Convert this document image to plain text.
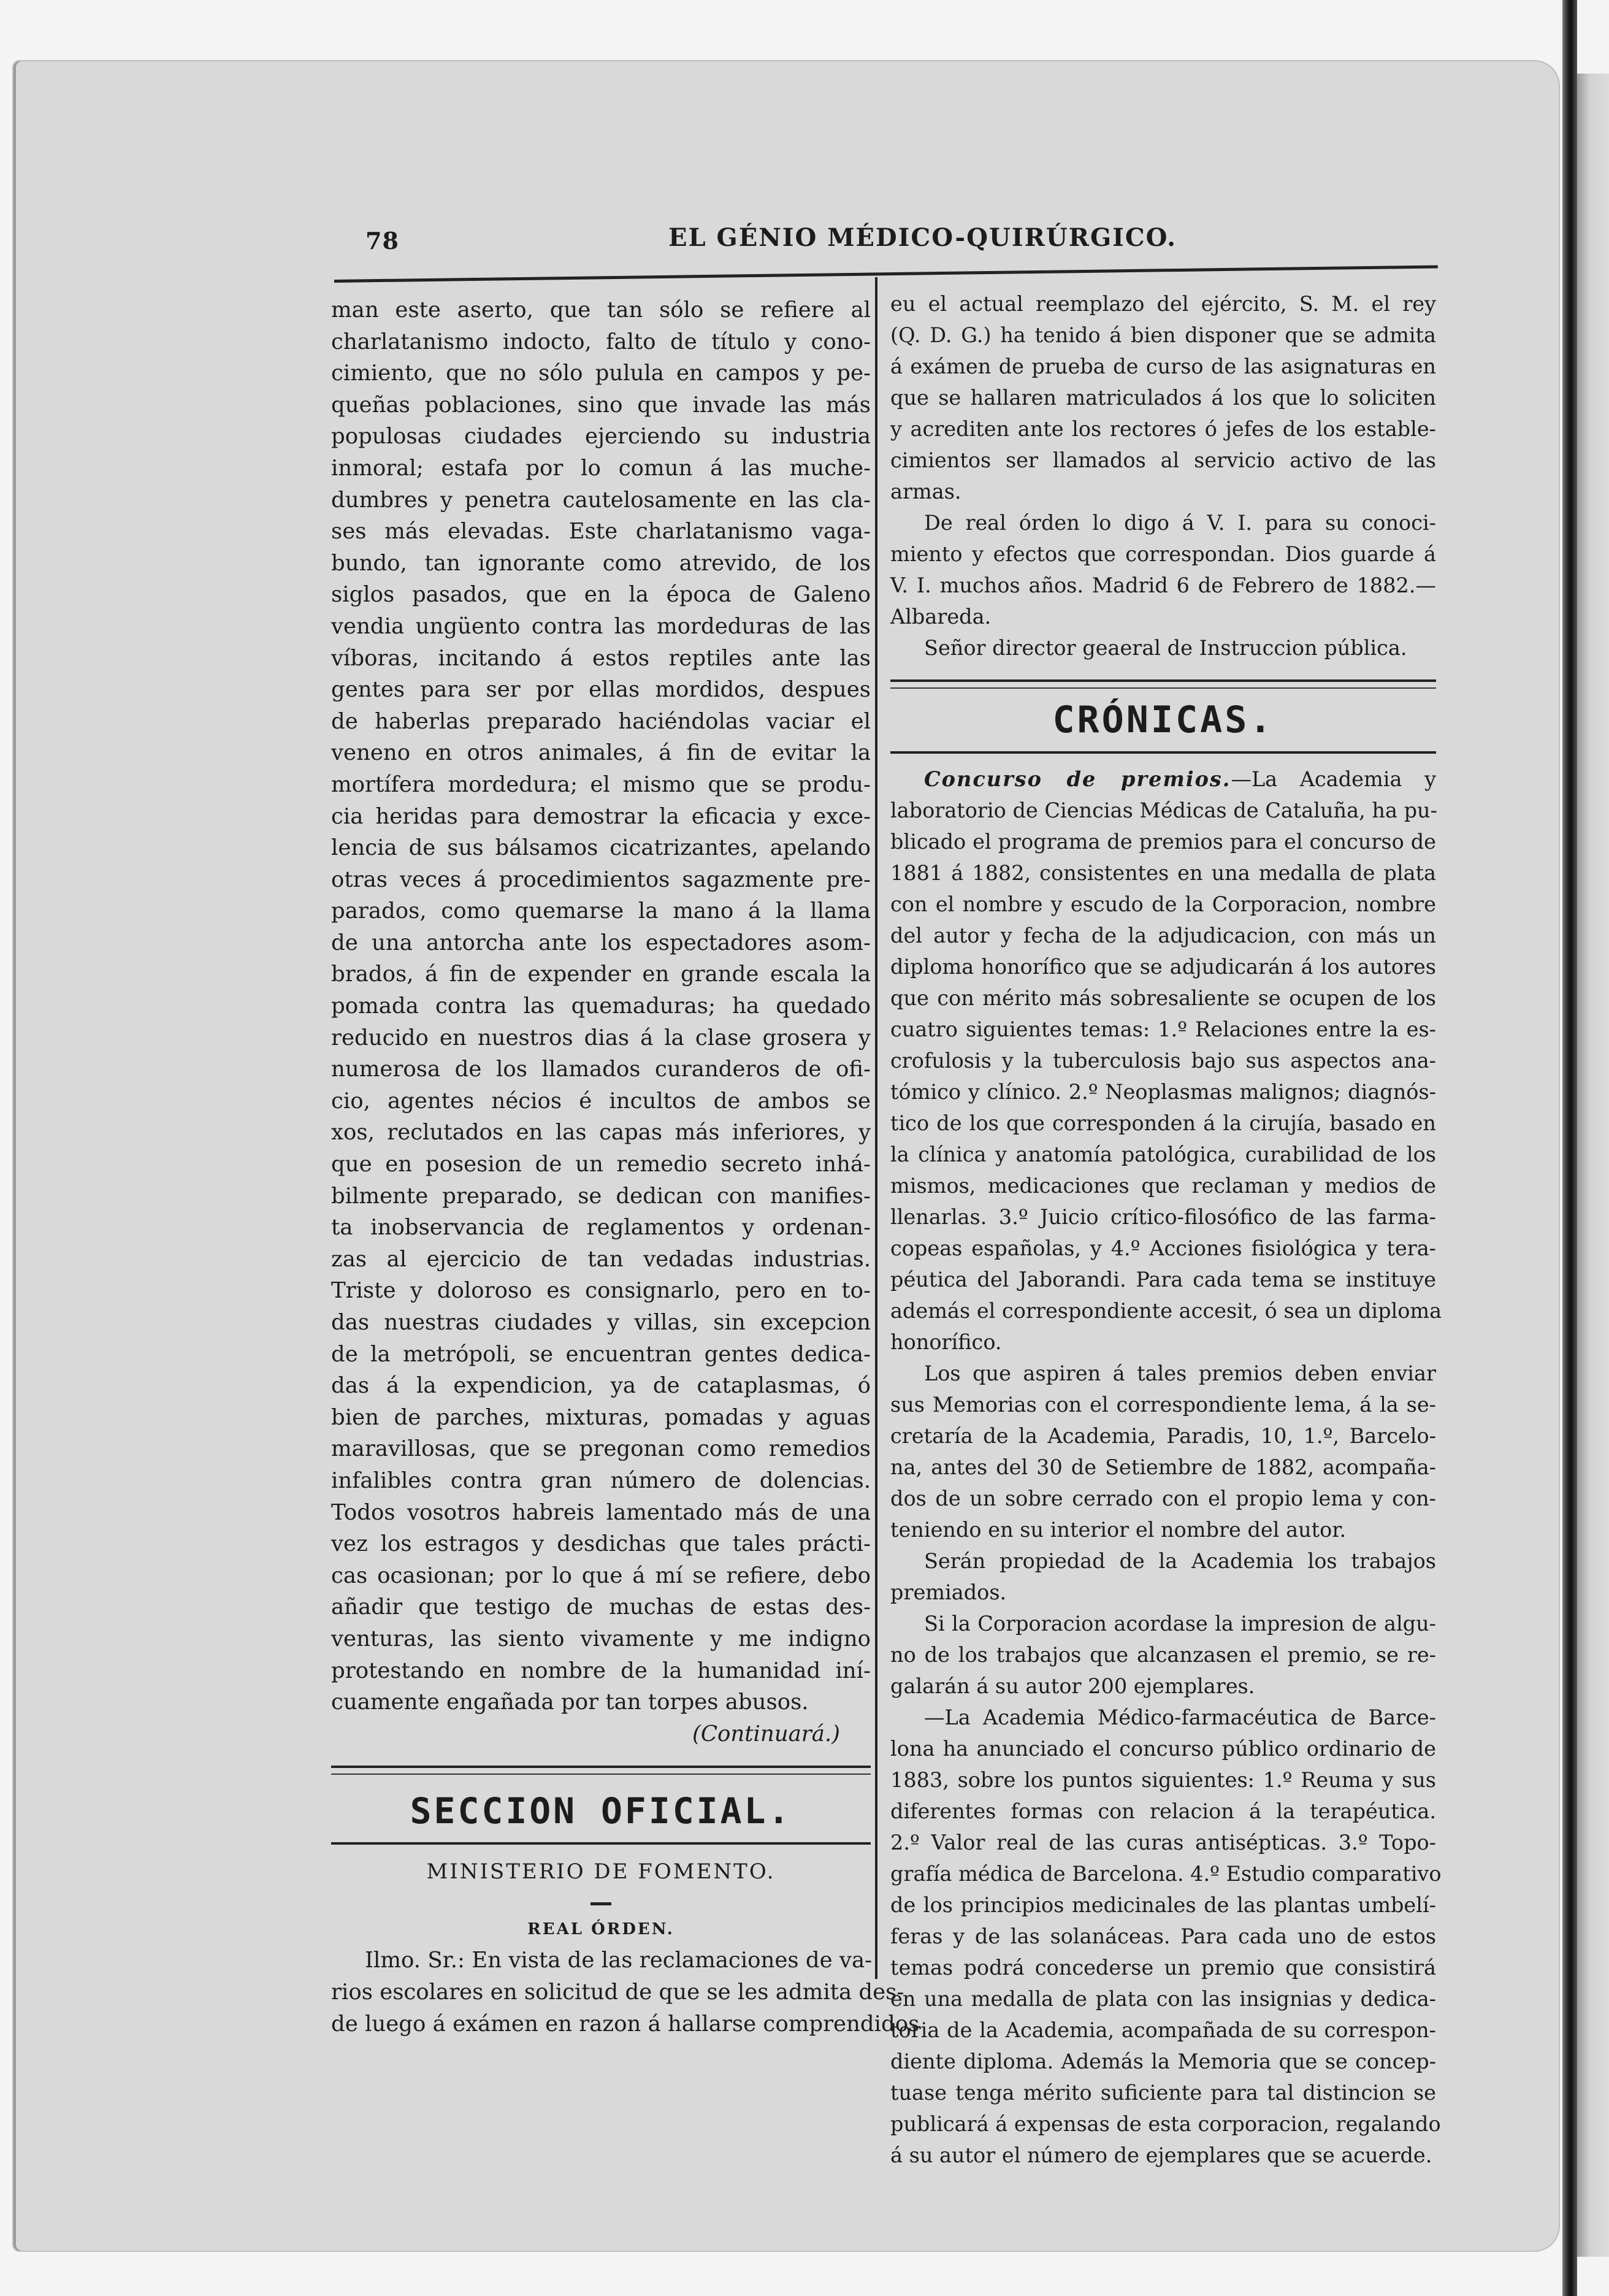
78	EL GÉNIO MÉDICO-QUIRÚRGICO.
man este aserto, que tan sólo se refiere al
charlatanismo indocto, falto de título y cono-
cimiento, que no sólo pulula en campos y pe-
queñas poblaciones, sino que invade las más
populosas ciudades ejerciendo su industria
inmoral; estafa por lo comun á las muche-
dumbres y penetra cautelosamente en las cla-
ses más elevadas. Este charlatanismo vaga-
bundo, tan ignorante como atrevido, de los
siglos pasados, que en la época de Galeno
vendia ungüento contra las mordeduras de las
víboras, incitando á estos reptiles ante las
gentes para ser por ellas mordidos, despues
de haberlas preparado haciéndolas vaciar el
veneno en otros animales, á fin de evitar la
mortífera mordedura; el mismo que se produ-
cia heridas para demostrar la eficacia y exce-
lencia de sus bálsamos cicatrizantes, apelando
otras veces á procedimientos sagazmente pre-
parados, como quemarse la mano á la llama
de una antorcha ante los espectadores asom-
brados, á fin de expender en grande escala la
pomada contra las quemaduras; ha quedado
reducido en nuestros dias á la clase grosera y
numerosa de los llamados curanderos de ofi-
cio, agentes nécios é incultos de ambos se
xos, reclutados en las capas más inferiores, y
que en posesion de un remedio secreto inhá-
bilmente preparado, se dedican con manifies-
ta inobservancia de reglamentos y ordenan-
zas al ejercicio de tan vedadas industrias.
Triste y doloroso es consignarlo, pero en to-
das nuestras ciudades y villas, sin excepcion
de la metrópoli, se encuentran gentes dedica-
das á la expendicion, ya de cataplasmas, ó
bien de parches, mixturas, pomadas y aguas
maravillosas, que se pregonan como remedios
infalibles contra gran número de dolencias.
Todos vosotros habreis lamentado más de una
vez los estragos y desdichas que tales prácti-
cas ocasionan; por lo que á mí se refiere, debo
añadir que testigo de muchas de estas des-
venturas, las siento vivamente y me indigno
protestando en nombre de la humanidad iní-
cuamente engañada por tan torpes abusos.
(Continuará.)
SECCION OFICIAL.
MINISTERIO DE FOMENTO.
REAL ÓRDEN.
Ilmo. Sr.: En vista de las reclamaciones de va-
rios escolares en solicitud de que se les admita des-
de luego á exámen en razon á hallarse comprendidos
eu el actual reemplazo del ejército, S. M. el rey
(Q. D. G.) ha tenido á bien disponer que se admita
á exámen de prueba de curso de las asignaturas en
que se hallaren matriculados á los que lo soliciten
y acrediten ante los rectores ó jefes de los estable-
cimientos ser llamados al servicio activo de las
armas.
De real órden lo digo á V. I. para su conoci-
miento y efectos que correspondan. Dios guarde á
V. I. muchos años. Madrid 6 de Febrero de 1882.—
Albareda.
Señor director geaeral de Instruccion pública.
CRÓNICAS.
Concurso de premios.—La Academia y
laboratorio de Ciencias Médicas de Cataluña, ha pu-
blicado el programa de premios para el concurso de
1881 á 1882, consistentes en una medalla de plata
con el nombre y escudo de la Corporacion, nombre
del autor y fecha de la adjudicacion, con más un
diploma honorífico que se adjudicarán á los autores
que con mérito más sobresaliente se ocupen de los
cuatro siguientes temas: 1.º Relaciones entre la es-
crofulosis y la tuberculosis bajo sus aspectos ana-
tómico y clínico. 2.º Neoplasmas malignos; diagnós-
tico de los que corresponden á la cirujía, basado en
la clínica y anatomía patológica, curabilidad de los
mismos, medicaciones que reclaman y medios de
llenarlas. 3.º Juicio crítico-filosófico de las farma-
copeas españolas, y 4.º Acciones fisiológica y tera-
péutica del Jaborandi. Para cada tema se instituye
además el correspondiente accesit, ó sea un diploma
honorífico.
Los que aspiren á tales premios deben enviar
sus Memorias con el correspondiente lema, á la se-
cretaría de la Academia, Paradis, 10, 1.º, Barcelo-
na, antes del 30 de Setiembre de 1882, acompaña-
dos de un sobre cerrado con el propio lema y con-
teniendo en su interior el nombre del autor.
Serán propiedad de la Academia los trabajos
premiados.
Si la Corporacion acordase la impresion de algu-
no de los trabajos que alcanzasen el premio, se re-
galarán á su autor 200 ejemplares.
—La Academia Médico-farmacéutica de Barce-
lona ha anunciado el concurso público ordinario de
1883, sobre los puntos siguientes: 1.º Reuma y sus
diferentes formas con relacion á la terapéutica.
2.º Valor real de las curas antisépticas. 3.º Topo-
grafía médica de Barcelona. 4.º Estudio comparativo
de los principios medicinales de las plantas umbelí-
feras y de las solanáceas. Para cada uno de estos
temas podrá concederse un premio que consistirá
en una medalla de plata con las insignias y dedica-
toria de la Academia, acompañada de su correspon-
diente diploma. Además la Memoria que se concep-
tuase tenga mérito suficiente para tal distincion se
publicará á expensas de esta corporacion, regalando
á su autor el número de ejemplares que se acuerde.
